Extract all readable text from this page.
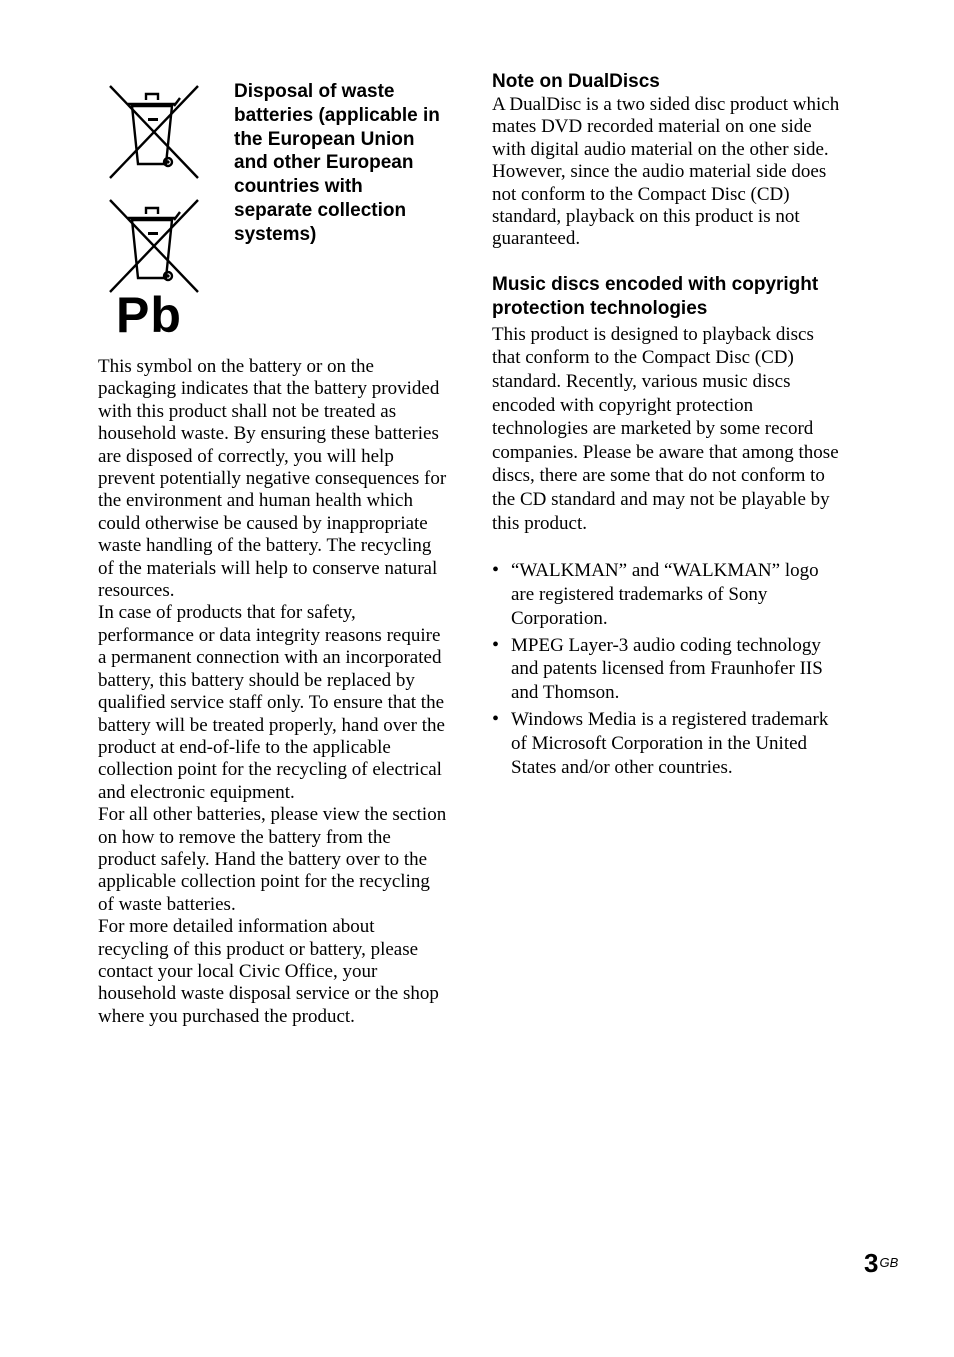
Pb
Disposal of waste batteries (applicable in the European Union and other European countries with separate collection systems)

This symbol on the battery or on the packaging indicates that the battery provided with this product shall not be treated as household waste. By ensuring these batteries are disposed of correctly, you will help prevent potentially negative consequences for the environment and human health which could otherwise be caused by inappropriate waste handling of the battery. The recycling of the materials will help to conserve natural resources.
In case of products that for safety, performance or data integrity reasons require a permanent connection with an incorporated battery, this battery should be replaced by qualified service staff only. To ensure that the battery will be treated properly, hand over the product at end-of-life to the applicable collection point for the recycling of electrical and electronic equipment.
For all other batteries, please view the section on how to remove the battery from the product safely. Hand the battery over to the applicable collection point for the recycling of waste batteries.
For more detailed information about recycling of this product or battery, please contact your local Civic Office, your household waste disposal service or the shop where you purchased the product.

Note on DualDiscs

A DualDisc is a two sided disc product which mates DVD recorded material on one side with digital audio material on the other side. However, since the audio material side does not conform to the Compact Disc (CD) standard, playback on this product is not guaranteed.

Music discs encoded with copyright protection technologies

This product is designed to playback discs that conform to the Compact Disc (CD) standard. Recently, various music discs encoded with copyright protection technologies are marketed by some record companies. Please be aware that among those discs, there are some that do not conform to the CD standard and may not be playable by this product.

• “WALKMAN” and “WALKMAN” logo are registered trademarks of Sony Corporation.
• MPEG Layer-3 audio coding technology and patents licensed from Fraunhofer IIS and Thomson.
• Windows Media is a registered trademark of Microsoft Corporation in the United States and/or other countries.
$3^{GB}$
